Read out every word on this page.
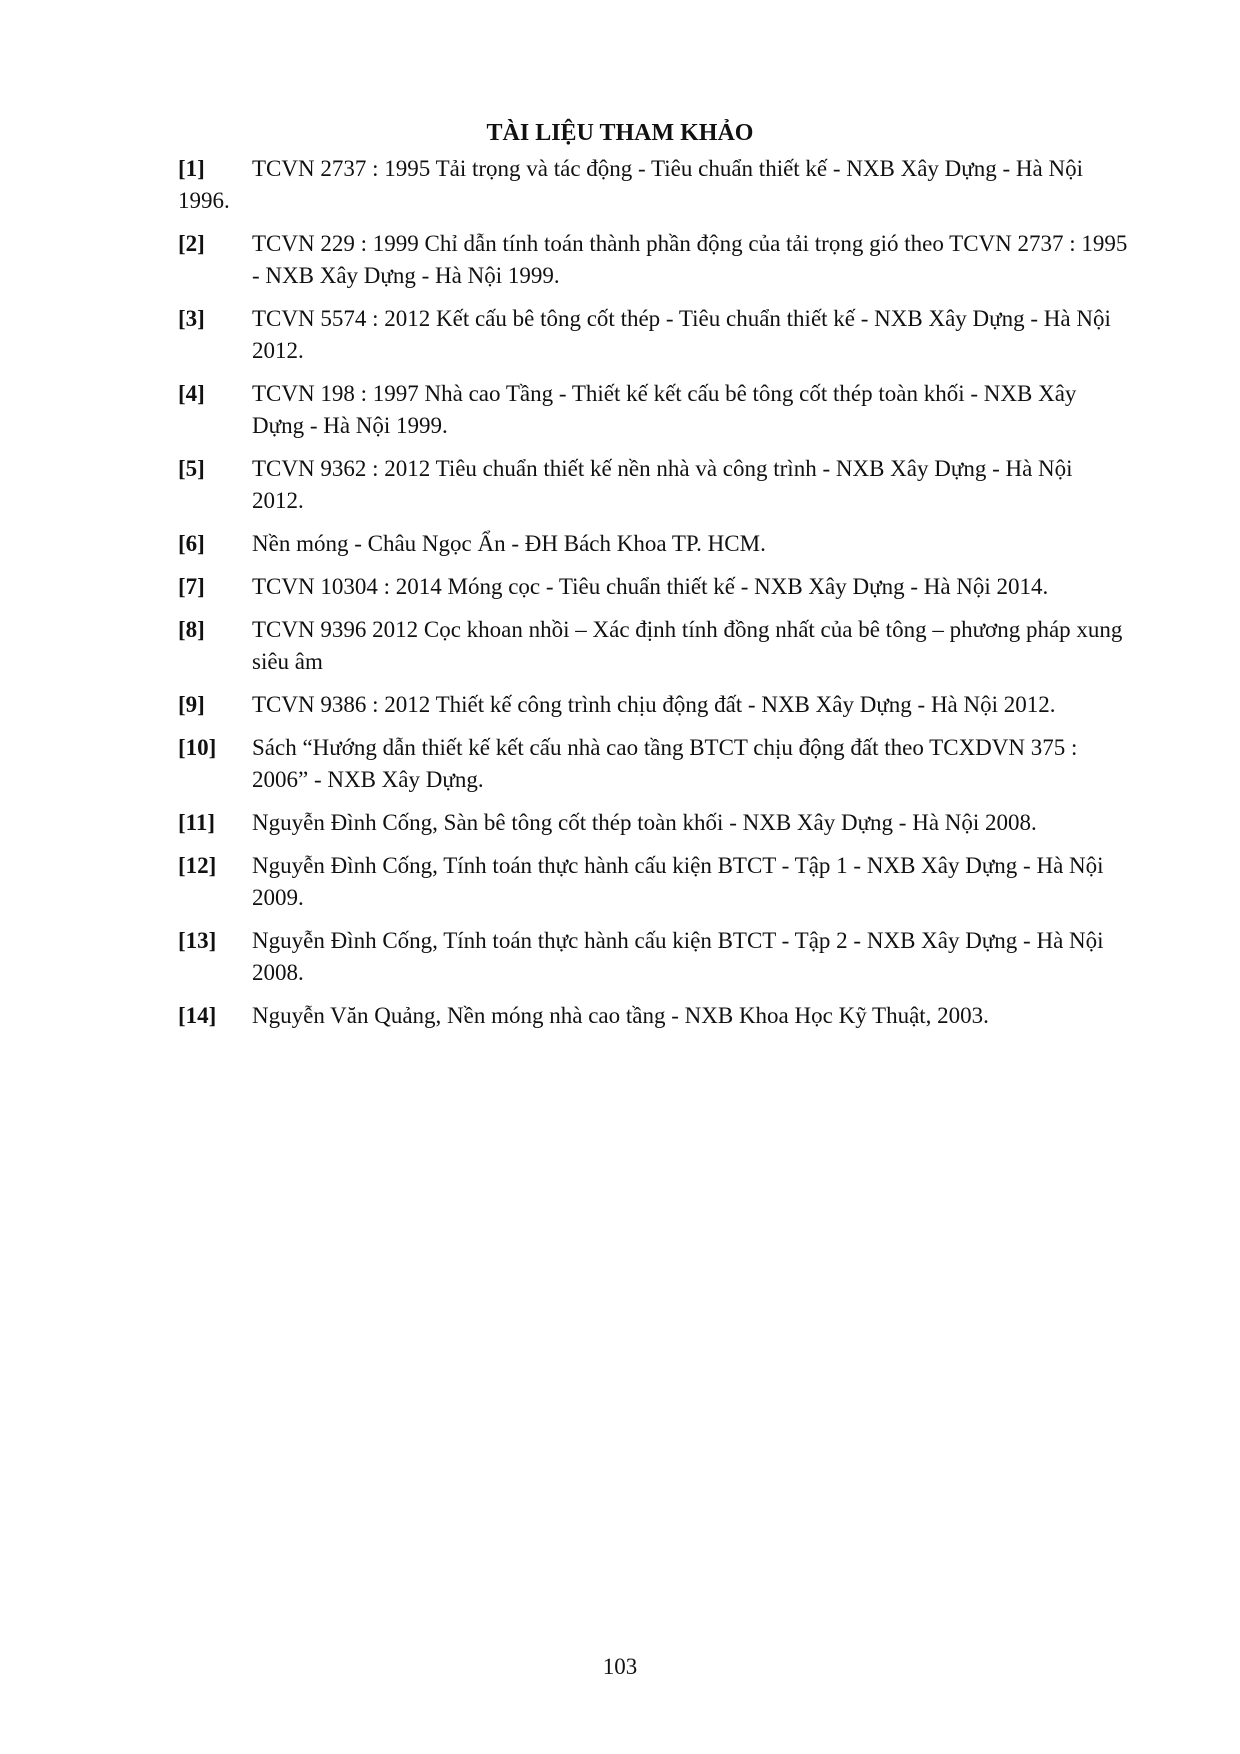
TÀI LIỆU THAM KHẢO
[1] TCVN 2737 : 1995 Tải trọng và tác động - Tiêu chuẩn thiết kế - NXB Xây Dựng - Hà Nội 1996.
[2] TCVN 229 : 1999 Chỉ dẫn tính toán thành phần động của tải trọng gió theo TCVN 2737 : 1995 - NXB Xây Dựng - Hà Nội 1999.
[3] TCVN 5574 : 2012 Kết cấu bê tông cốt thép - Tiêu chuẩn thiết kế - NXB Xây Dựng - Hà Nội 2012.
[4] TCVN 198 : 1997 Nhà cao Tầng - Thiết kế kết cấu bê tông cốt thép toàn khối - NXB Xây Dựng - Hà Nội 1999.
[5] TCVN 9362 : 2012 Tiêu chuẩn thiết kế nền nhà và công trình - NXB Xây Dựng - Hà Nội 2012.
[6] Nền móng - Châu Ngọc Ẩn - ĐH Bách Khoa TP. HCM.
[7] TCVN 10304 : 2014 Móng cọc - Tiêu chuẩn thiết kế - NXB Xây Dựng - Hà Nội 2014.
[8] TCVN 9396 2012 Cọc khoan nhồi – Xác định tính đồng nhất của bê tông – phương pháp xung siêu âm
[9] TCVN 9386 : 2012 Thiết kế công trình chịu động đất - NXB Xây Dựng - Hà Nội 2012.
[10] Sách “Hướng dẫn thiết kế kết cấu nhà cao tầng BTCT chịu động đất theo TCXDVN 375 : 2006” - NXB Xây Dựng.
[11] Nguyễn Đình Cống, Sàn bê tông cốt thép toàn khối - NXB Xây Dựng - Hà Nội 2008.
[12] Nguyễn Đình Cống, Tính toán thực hành cấu kiện BTCT - Tập 1 - NXB Xây Dựng - Hà Nội 2009.
[13] Nguyễn Đình Cống, Tính toán thực hành cấu kiện BTCT - Tập 2 - NXB Xây Dựng - Hà Nội 2008.
[14] Nguyễn Văn Quảng, Nền móng nhà cao tầng - NXB Khoa Học Kỹ Thuật, 2003.
103
